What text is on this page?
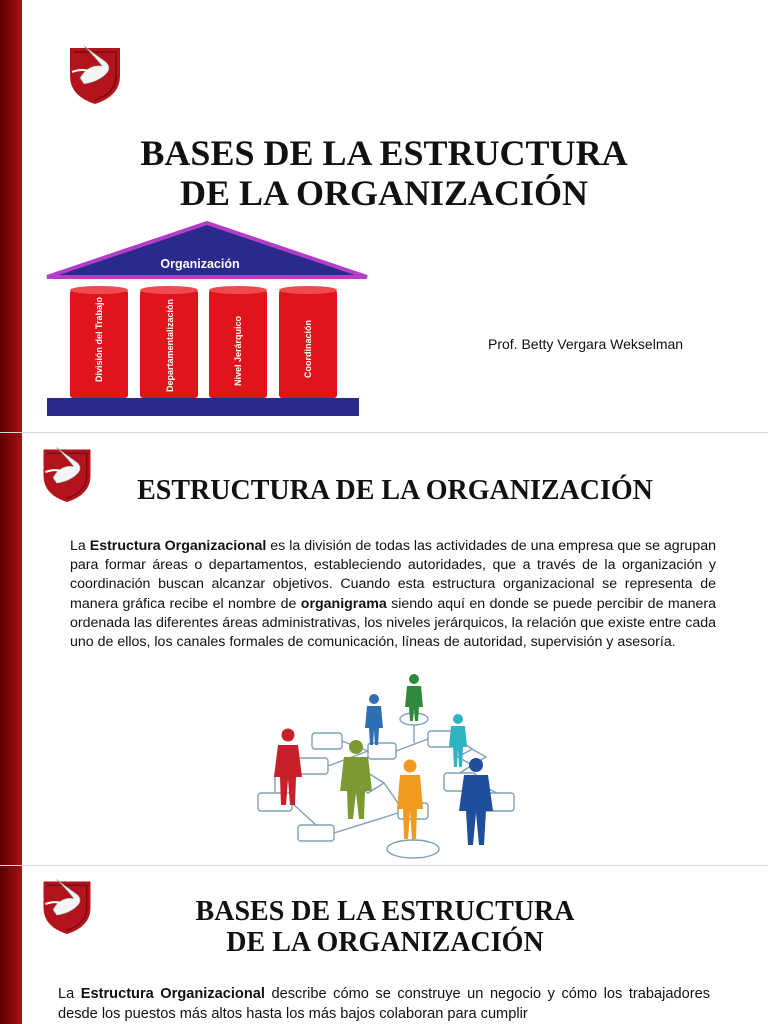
BASES DE LA ESTRUCTURA
DE LA ORGANIZACIÓN
Organización
División del Trabajo	Departamentalización	Nivel Jerárquico	Coordinación	Prof. Betty Vergara Wekselman
ESTRUCTURA DE LA ORGANIZACIÓN

La Estructura Organizacional es la división de todas las actividades de una empresa que se agrupan para formar áreas o departamentos, estableciendo autoridades, que a través de la organización y coordinación buscan alcanzar objetivos. Cuando esta estructura organizacional se representa de manera gráfica recibe el nombre de organigrama siendo aquí en donde se puede percibir de manera ordenada las diferentes áreas administrativas, los niveles jerárquicos, la relación que existe entre cada uno de ellos, los canales formales de comunicación, líneas de autoridad, supervisión y asesoría.

BASES DE LA ESTRUCTURA
DE LA ORGANIZACIÓN

La Estructura Organizacional describe cómo se construye un negocio y cómo los trabajadores desde los puestos más altos hasta los más bajos colaboran para cumplir
